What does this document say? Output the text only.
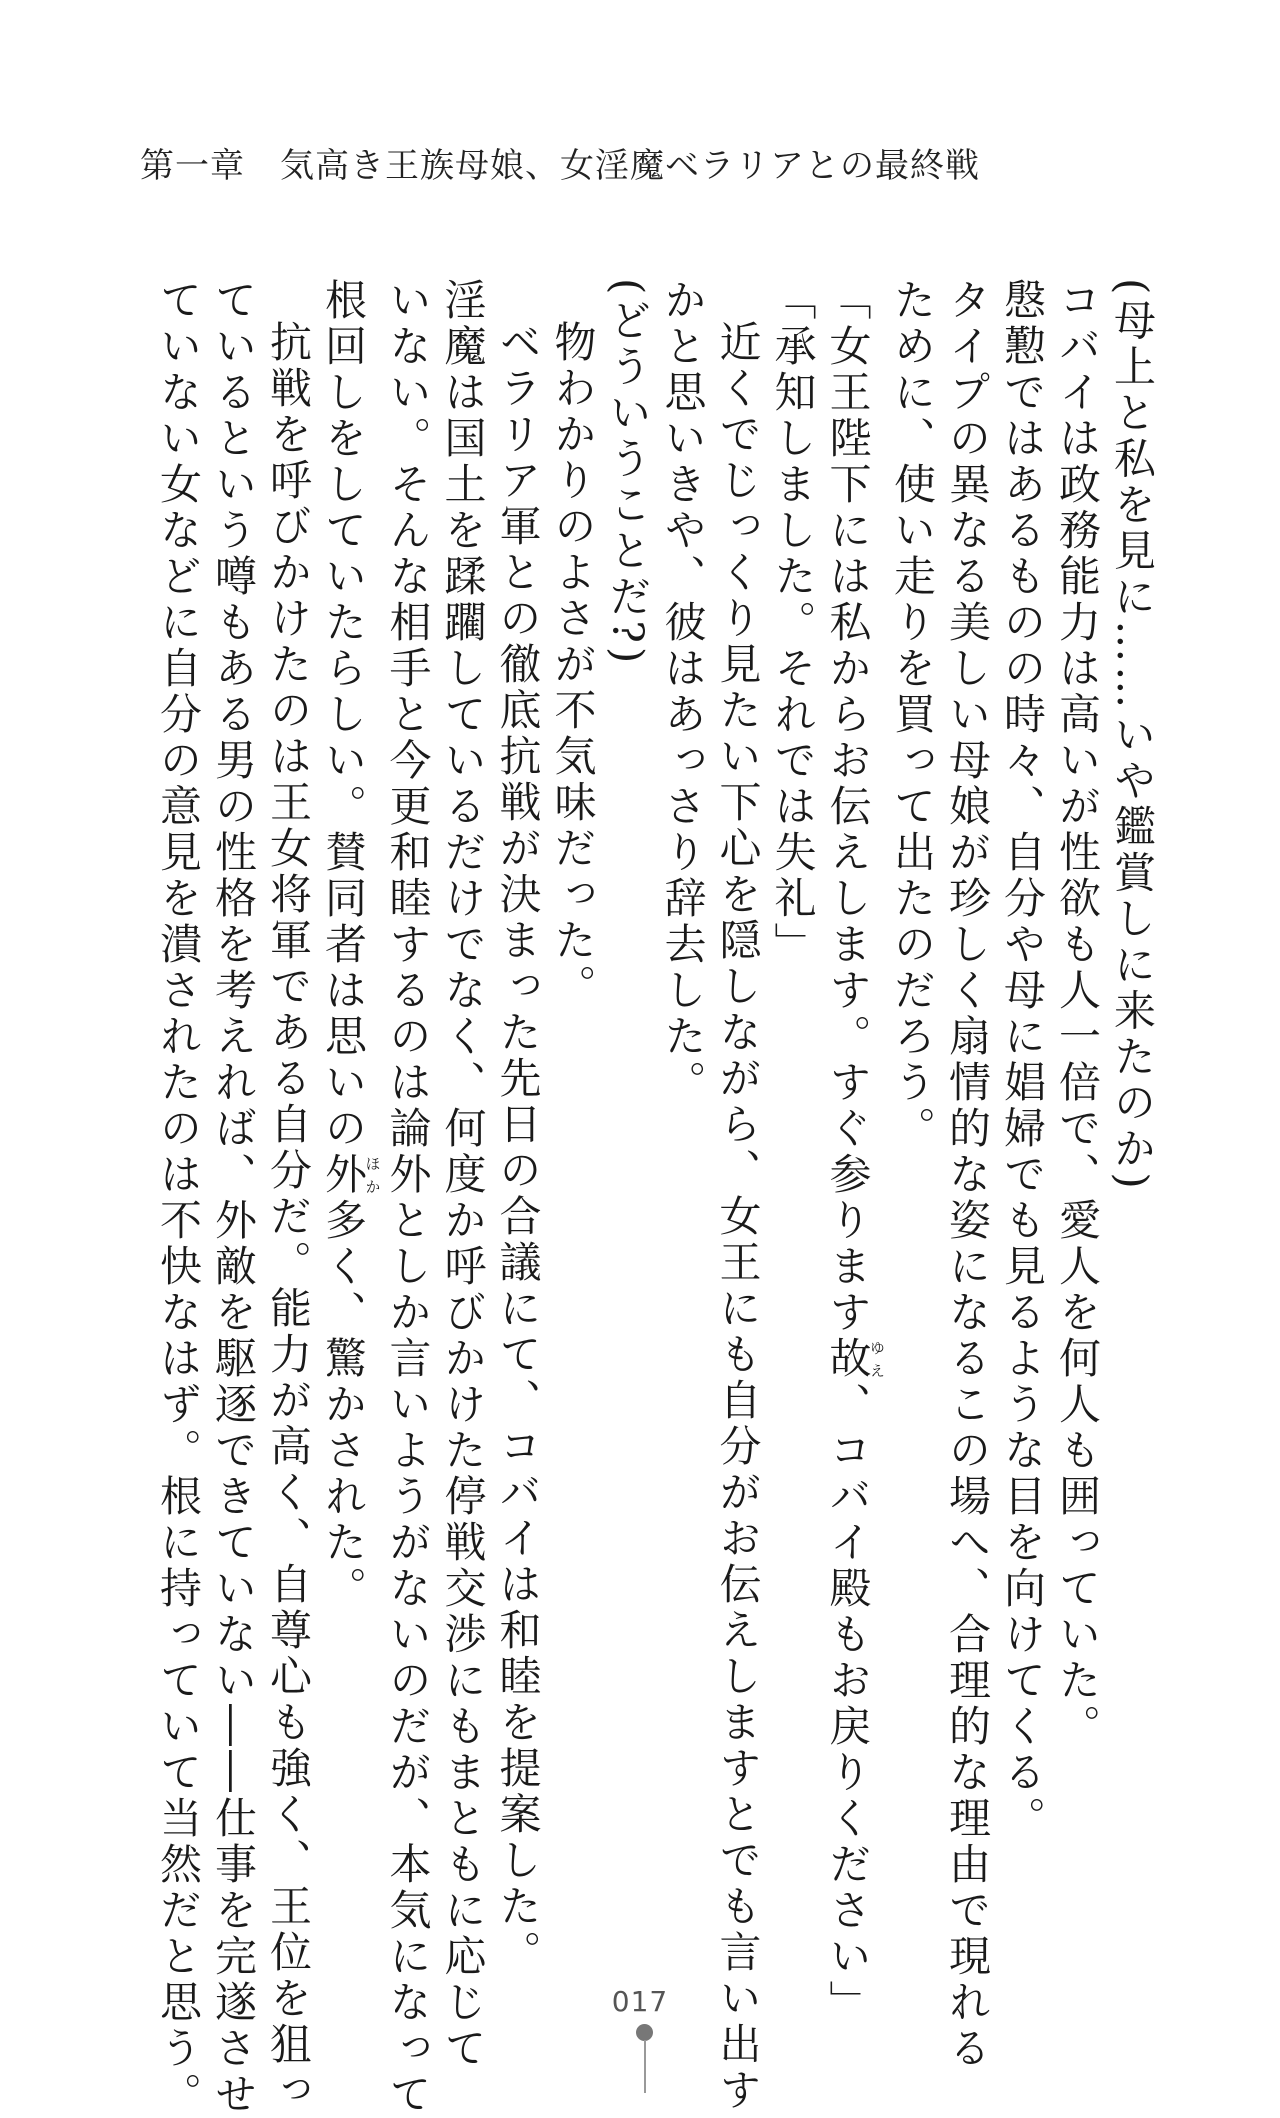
第一章　気高き王族母娘、女淫魔ベラリアとの最終戦
(母上と私を見に……いや鑑賞しに来たのか)
コバイは政務能力は高いが性欲も人一倍で、愛人を何人も囲っていた。
慇懃ではあるものの時々、自分や母に娼婦でも見るような目を向けてくる。
タイプの異なる美しい母娘が珍しく扇情的な姿になるこの場へ、合理的な理由で現れる
ために、使い走りを買って出たのだろう。
「女王陛下には私からお伝えします。すぐ参ります故ゆえ、コバイ殿もお戻りください」
「承知しました。それでは失礼」
近くでじっくり見たい下心を隠しながら、女王にも自分がお伝えしますとでも言い出す
かと思いきや、彼はあっさり辞去した。
(どういうことだ?)
物わかりのよさが不気味だった。
ベラリア軍との徹底抗戦が決まった先日の合議にて、コバイは和睦を提案した。
淫魔は国土を蹂躙しているだけでなく、何度か呼びかけた停戦交渉にもまともに応じて
いない。そんな相手と今更和睦するのは論外としか言いようがないのだが、本気になって
根回しをしていたらしい。賛同者は思いの外ほか多く、驚かされた。
抗戦を呼びかけたのは王女将軍である自分だ。能力が高く、自尊心も強く、王位を狙っ
ているという噂もある男の性格を考えれば、外敵を駆逐できていない――仕事を完遂させ
ていない女などに自分の意見を潰されたのは不快なはず。根に持っていて当然だと思う。	017
